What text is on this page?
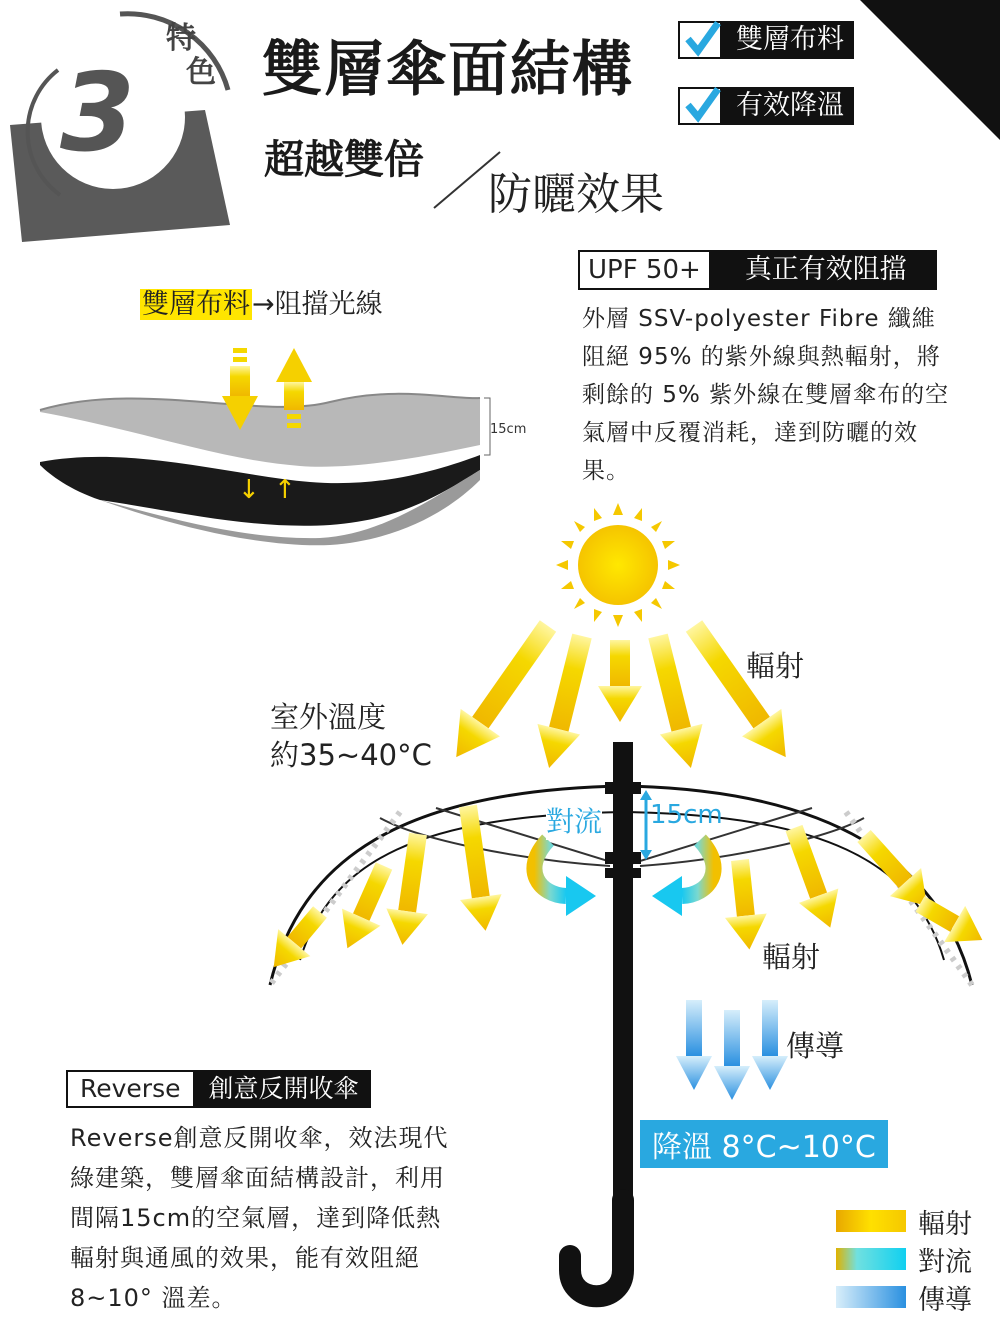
↓ ↑
3
特
色 雙層傘面結構
超越雙倍
防曬效果
雙層布料
有效降溫
雙層布料→阻擋光線
15cm
UPF 50+	真正有效阻擋
外層 SSV-polyester Fibre 纖維阻絕 95% 的紫外線與熱輻射，將剩餘的 5% 紫外線在雙層傘布的空氣層中反覆消耗，達到防曬的效果。
室外溫度
約35~40°C
輻射
輻射
對流 15cm
傳導
降溫 8°C~10°C
Reverse	創意反開收傘
Reverse創意反開收傘，效法現代綠建築，雙層傘面結構設計，利用間隔15cm的空氣層，達到降低熱輻射與通風的效果，能有效阻絕 8~10° 溫差。
輻射
對流
傳導
